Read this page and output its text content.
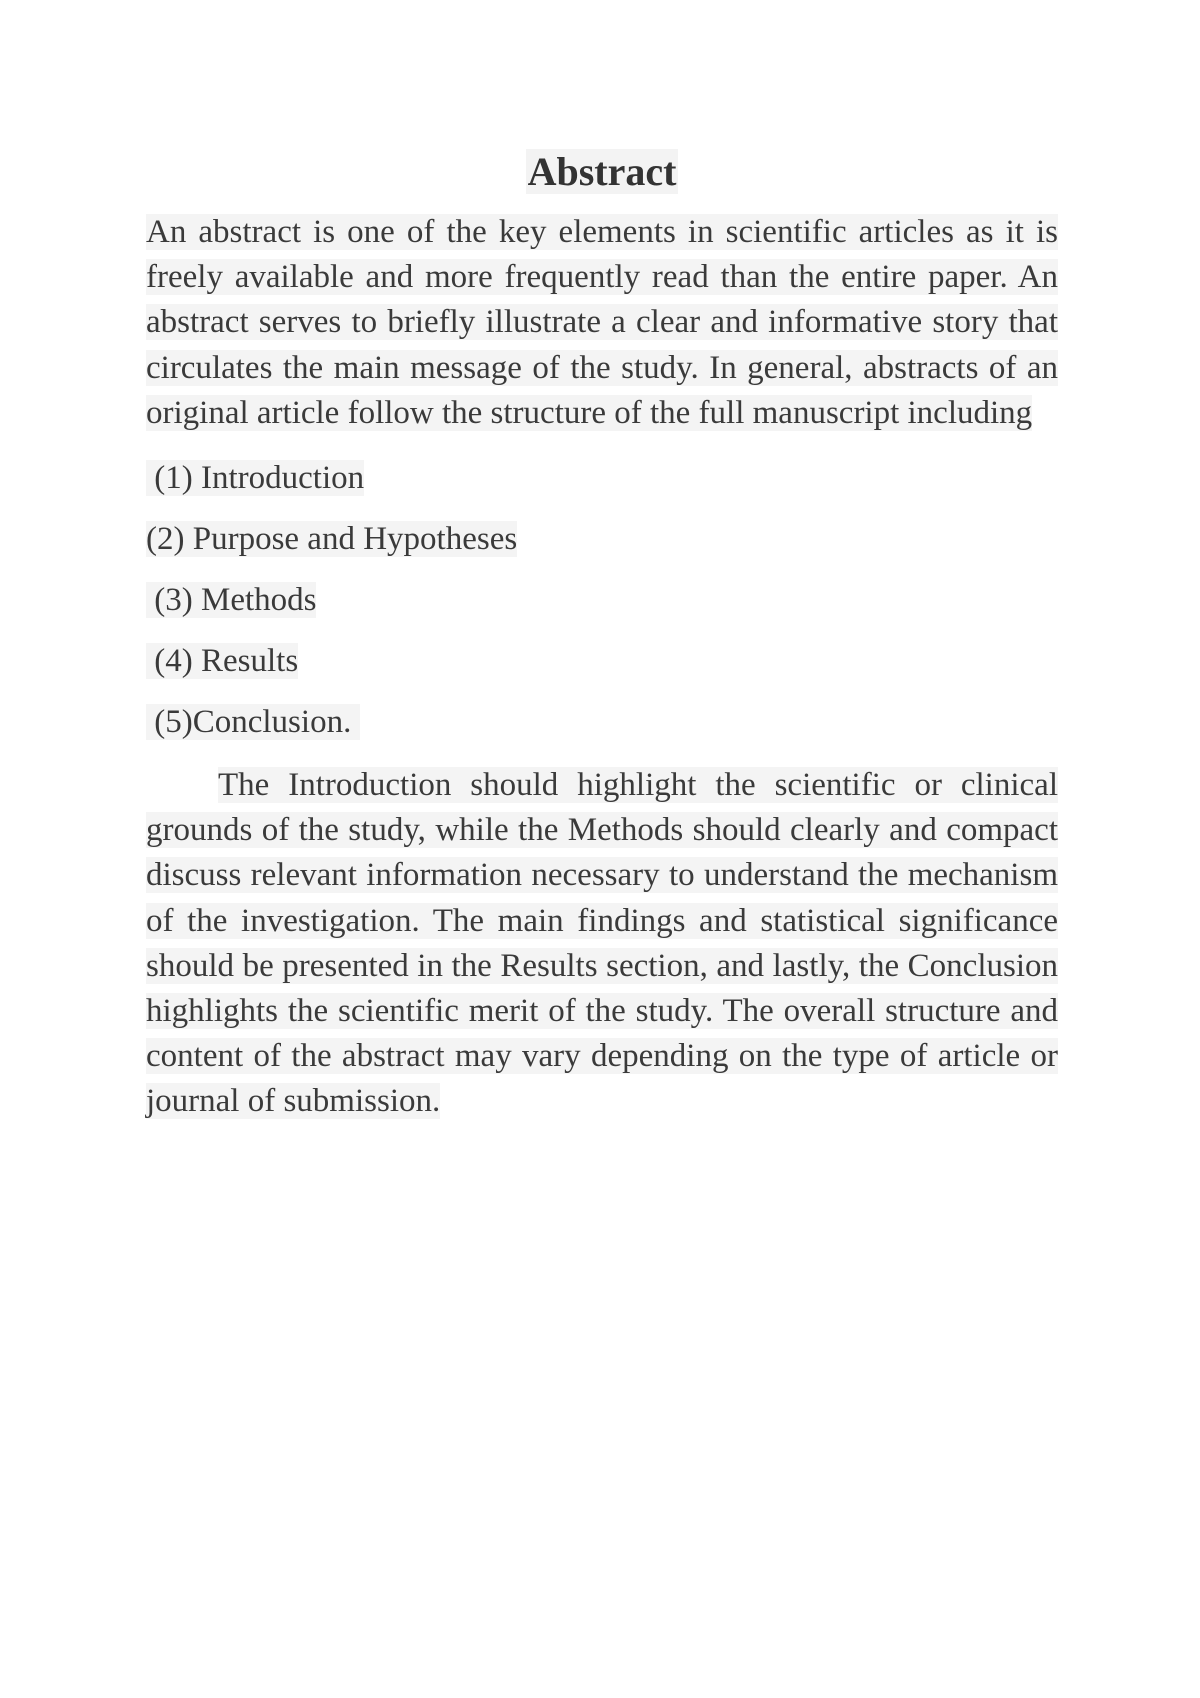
Abstract

An abstract is one of the key elements in scientific articles as it is freely available and more frequently read than the entire paper. An abstract serves to briefly illustrate a clear and informative story that circulates the main message of the study. In general, abstracts of an original article follow the structure of the full manuscript including

(1) Introduction
(2) Purpose and Hypotheses
(3) Methods
(4) Results
(5)Conclusion.

The Introduction should highlight the scientific or clinical grounds of the study, while the Methods should clearly and compact discuss relevant information necessary to understand the mechanism of the investigation. The main findings and statistical significance should be presented in the Results section, and lastly, the Conclusion highlights the scientific merit of the study. The overall structure and content of the abstract may vary depending on the type of article or journal of submission.
